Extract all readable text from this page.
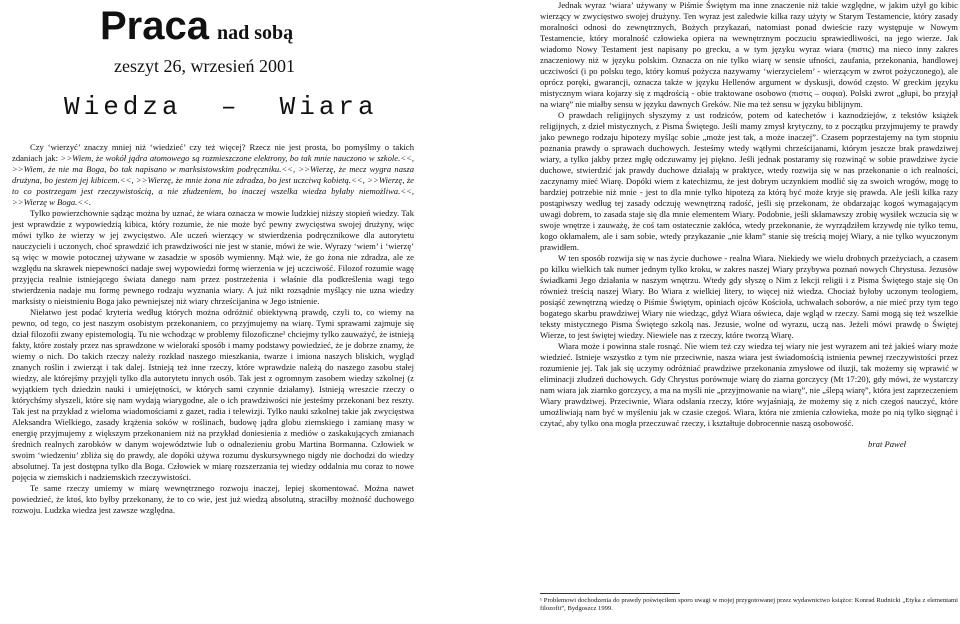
Praca nad sobą
zeszyt 26, wrzesień 2001
Wiedza  –  Wiara

Czy ‘wierzyć’ znaczy mniej niż ‘wiedzieć’ czy też więcej? Rzecz nie jest prosta, bo pomyślmy o takich zdaniach jak: >>Wiem, że wokół jądra atomowego są rozmieszczone elektrony, bo tak mnie nauczono w szkole.<<, >>Wiem, że nie ma Boga, bo tak napisano w marksistowskim podręczniku.<<, >>Wierzę, że mecz wygra nasza drużyna, bo jestem jej kibicem.<<, >>Wierzę, że mnie żona nie zdradza, bo jest uczciwą kobietą.<<, >>Wierzę, że to co postrzegam jest rzeczywistością, a nie złudzeniem, bo inaczej wszelka wiedza byłaby niemożliwa.<<, >>Wierzę w Boga.<<.

Tylko powierzchownie sądząc można by uznać, że wiara oznacza w mowie ludzkiej niższy stopień wiedzy. Tak jest wprawdzie z wypowiedzią kibica, który rozumie, że nie może być pewny zwycięstwa swojej drużyny, więc mówi tylko że wierzy w jej zwycięstwo. Ale uczeń wierzący w stwierdzenia podręcznikowe dla autorytetu nauczycieli i uczonych, choć sprawdzić ich prawdziwości nie jest w stanie, mówi że wie. Wyrazy ‘wiem’ i ‘wierzę’ są więc w mowie potocznej używane w zasadzie w sposób wymienny. Mąż wie, że go żona nie zdradza, ale ze względu na skrawek niepewności nadaje swej wypowiedzi formę wierzenia w jej uczciwość. Filozof rozumie wagę przyjęcia realnie istniejącego świata danego nam przez postrzeżenia i właśnie dla podkreślenia wagi tego stwierdzenia nadaje mu formę pewnego rodzaju wyznania wiary. A już nikt rozsądnie myślący nie uzna wiedzy marksisty o nieistnieniu Boga jako pewniejszej niż wiary chrześcijanina w Jego istnienie.

Niełatwo jest podać kryteria według których można odróżnić obiektywną prawdę, czyli to, co wiemy na pewno, od tego, co jest naszym osobistym przekonaniem, co przyjmujemy na wiarę. Tymi sprawami zajmuje się dział filozofii zwany epistemologią. Tu nie wchodząc w problemy filozoficzne¹ chciejmy tylko zauważyć, że istnieją fakty, które zostały przez nas sprawdzone w wielorakí sposób i mamy podstawy powiedzieć, że je dobrze znamy, że wiemy o nich. Do takich rzeczy należy rozkład naszego mieszkania, twarze i imiona naszych bliskich, wygląd znanych roślin i zwierząt i tak dalej. Istnieją też inne rzeczy, które wprawdzie należą do naszego zasobu stałej wiedzy, ale którejśmy przyjęli tylko dla autorytetu innych osób. Tak jest z ogromnym zasobem wiedzy szkolnej (z wyjątkiem tych dziedzin nauki i umiejętności, w których sami czynnie działamy). Istnieją wreszcie rzeczy o którychśmy słyszeli, które się nam wydają wiarygodne, ale o ich prawdziwości nie jesteśmy przekonani bez reszty. Tak jest na przykład z wieloma wiadomościami z gazet, radia i telewizji. Tylko nauki szkolnej takie jak zwycięstwa Aleksandra Wielkiego, zasady krążenia soków w roślinach, budowę jądra globu ziemskiego i zamianę masy w energię przyjmujemy z większym przekonaniem niż na przykład doniesienia z mediów o zaskakujących zmianach średnich realnych zarobków w danym województwie lub o odnalezieniu grobu Martina Bormanna. Człowiek w swoim ‘wiedzeniu’ zbliża się do prawdy, ale dopóki używa rozumu dyskursywnego nigdy nie dochodzi do wiedzy absolutnej. Ta jest dostępna tylko dla Boga. Człowiek w miarę rozszerzania tej wiedzy oddalnia mu coraz to nowe pojęcia w ziemskich i nadziemskich rzeczywistości.

Te same rzeczy umiemy w miarę wewnętrznego rozwoju inaczej, lepiej skomentować. Można nawet powiedzieć, że ktoś, kto byłby przekonany, że to co wie, jest już wiedzą absolutną, straciłby możność duchowego rozwoju. Ludzka wiedza jest zawsze względna.

Jednak wyraz ‘wiara’ używany w Piśmie Świętym ma inne znaczenie niż takie względne, w jakim użył go kibic wierzący w zwycięstwo swojej drużyny. Ten wyraz jest zaledwie kilka razy użyty w Starym Testamencie, który zasady moralności odnosi do zewnętrznych, Bożych przykazań, natomiast ponad dwieście razy występuje w Nowym Testamencie, który moralność człowieka opiera na wewnętrznym poczuciu sprawiedliwości, na jego wierze. Jak wiadomo Nowy Testament jest napisany po grecku, a w tym języku wyraz wiara (πιστις) ma nieco inny zakres znaczeniowy niż w języku polskim. Oznacza on nie tylko wiarę w sensie ufności, zaufania, przekonania, handlowej uczciwości (i po polsku tego, który komuś pożycza nazywamy ‘wierzycielem’ - wierzącym w zwrot pożyczonego), ale oprócz poręki, gwarancji, oznacza także w języku Hellenów argument w dyskusji, dowód często. W greckim języku mistycznym wiara kojarzy się z mądrością - obie traktowane osobowo (πιστις – σοφια). Polski zwrot „głupi, bo przyjął na wiarę” nie miałby sensu w języku dawnych Greków. Nie ma też sensu w języku biblijnym.

O prawdach religijnych słyszymy z ust rodziców, potem od katechetów i kaznodziejów, z tekstów książek religijnych, z dzieł mistycznych, z Pisma Świętego. Jeśli mamy zmysł krytyczny, to z początku przyjmujemy te prawdy jako pewnego rodzaju hipotezy myśląc sobie „może jest tak, a może inaczej”. Czasem poprzestajemy na tym stopniu poznania prawdy o sprawach duchowych. Jesteśmy wtedy wątłymi chrześcijanami, którym jeszcze brak prawdziwej wiary, a tylko jakby przez mgłę odczuwamy jej piękno. Jeśli jednak postaramy się rozwinąć w sobie prawdziwe życie duchowe, stwierdzić jak prawdy duchowe działają w praktyce, wtedy rozwija się w nas przekonanie o ich realności, zaczynamy mieć Wiarę. Dopóki wiem z katechizmu, że jest dobrym uczynkiem modlić się za swoich wrogów, mogę to bardziej potrzebie niż mnie - jest to dla mnie tylko hipotezą za którą być może kryje się prawda. Ale jeśli kilka razy postąpiwszy według tej zasady odczuję wewnętrzną radość, jeśli się przekonam, że obdarzając kogoś wymagającym uwagi dobrem, to zasada staje się dla mnie elementem Wiary. Podobnie, jeśli skłamawszy zrobię wysiłek wczucia się w swoje wnętrze i zauważę, że coś tam ostatecznie zakłóca, wtedy przekonanie, że wyrządziłem krzywdę nie tylko temu, kogo okłamałem, ale i sam sobie, wtedy przykazanie „nie kłam” stanie się treścią mojej Wiary, a nie tylko wyuczonym prawidłem.

W ten sposób rozwija się w nas życie duchowe - realna Wiara. Niekiedy we wielu drobnych przeżyciach, a czasem po kilku wielkich tak numer jednym tylko kroku, w zakres naszej Wiary przybywa poznań nowych Chrystusa. Jezusów świadkami Jego działania w naszym wnętrzu. Wtedy gdy słyszę o Nim z lekcji religii i z Pisma Świętego staje się On również treścią naszej Wiary. Bo Wiara z wielkiej litery, to więcej niż wiedza. Chociaż byłoby uczonym teologiem, posiąść zewnętrzną wiedzę o Piśmie Świętym, opiniach ojców Kościoła, uchwałach soborów, a nie mieć przy tym tego bogatego skarbu prawdziwej Wiary nie wiedząc, gdyż Wiara oświeca, daje wgląd w rzeczy. Sami mogą się też wszelkie teksty mistycznego Pisma Świętego szkolą nas. Jezusie, wolne od wyrazu, uczą nas. Jeżeli mówi prawdę o Świętej Wierze, to jest świętej wiedzy. Niewiele nas z rzeczy, które tworzą Wiarę.

Wiara może i powinna stale rosnąć. Nie wiem też czy wiedza tej wiary nie jest wyrazem ani też jakieś wiary może wiedzieć. Istnieje wszystko z tym nie przeciwnie, nasza wiara jest świadomością istnienia pewnej rzeczywistości przez rozumienie jej. Tak jak się uczymy odróżniać prawdziwe przekonania zmysłowe od iluzji, tak możemy się wprawić w eliminacji złudzeń duchowych. Gdy Chrystus porównuje wiarę do ziarna gorczycy (Mt 17:20), gdy mówi, że wystarczy nam wiara jak ziarnko gorczycy, a ma na myśli nie „przyjmowanie na wiarę”, nie „ślepą wiarę”, która jest zaprzeczeniem Wiary prawdziwej. Przeciwnie, Wiara odsłania rzeczy, które wyjaśniają, że możemy się z nich czegoś nauczyć, które umożliwiają nam być w myśleniu jak w czasie czegoś. Wiara, która nie zmienia człowieka, może po nią tylko sięgnąć i czytać, aby tylko ona mogła przeczuwać rzeczy, i kształtuje dobrocennie naszą osobowość.

brat Paweł
¹ Problemowi dochodzenia do prawdy poświęciłem sporo uwagi w mojej przygotowanej przez wydawnictwo książce: Konrad Rudnicki „Etyka z elementami filozofii”, Bydgoszcz 1999.
